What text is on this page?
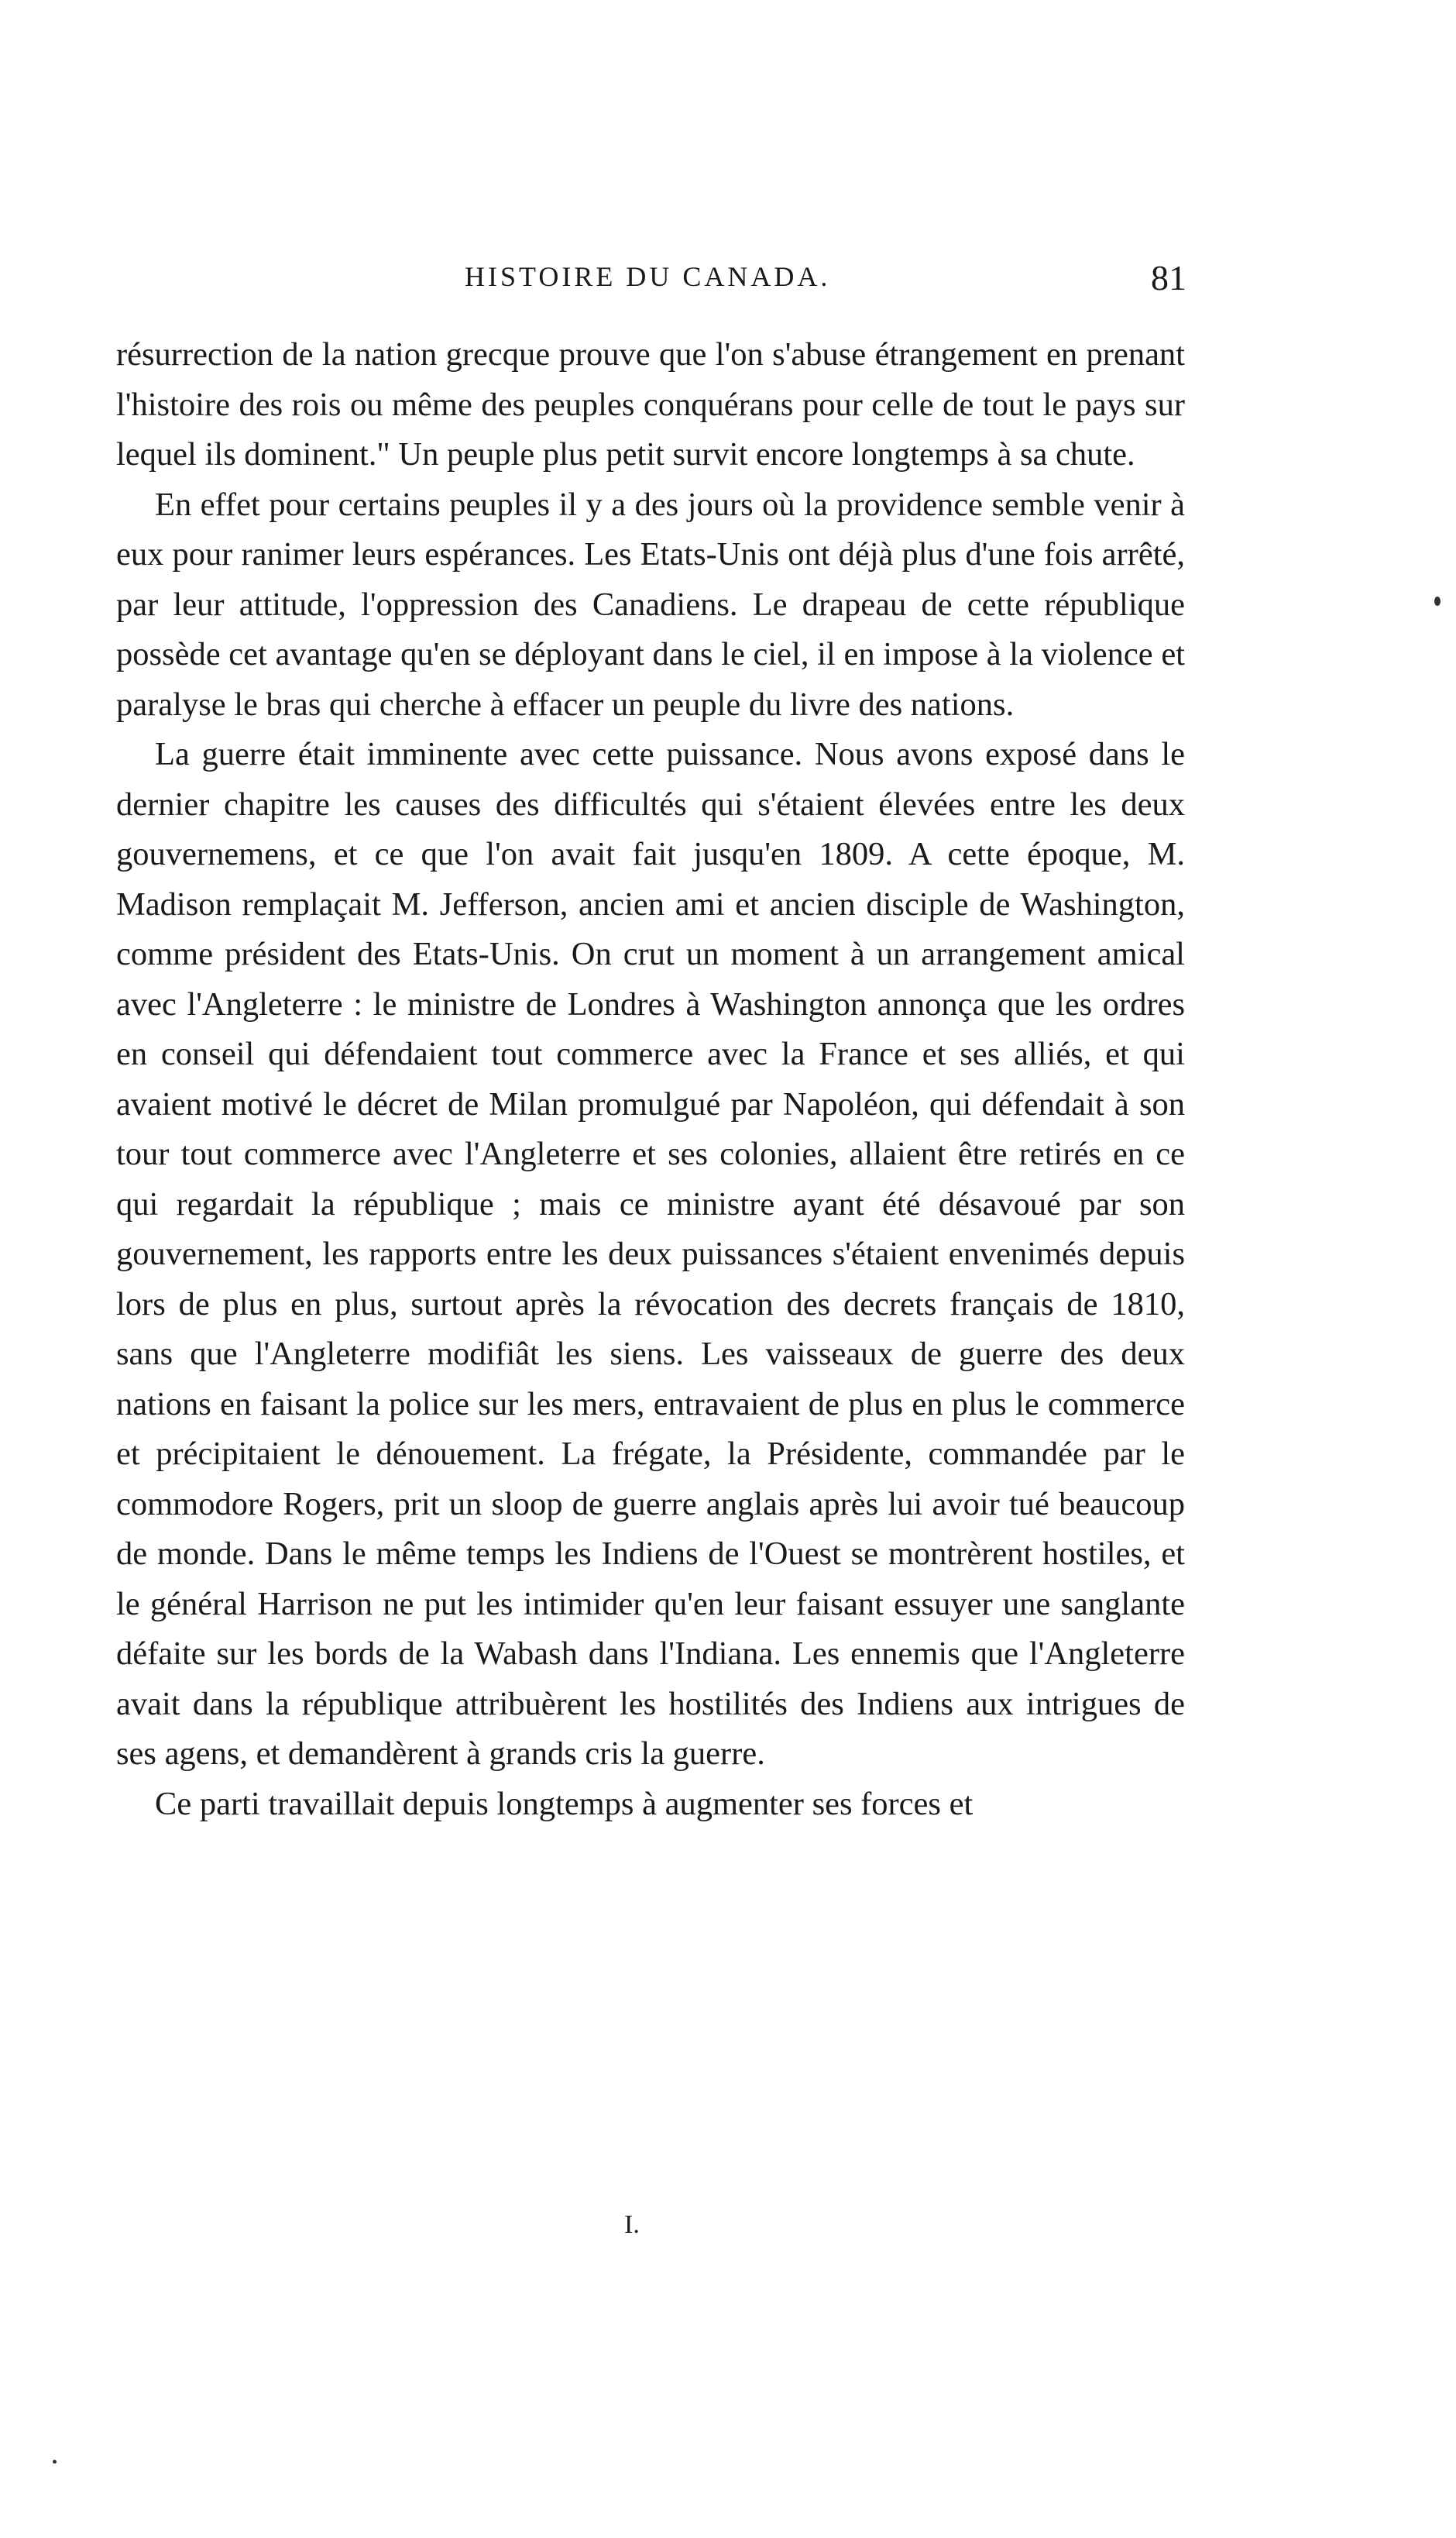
HISTOIRE DU CANADA.	81

résurrection de la nation grecque prouve que l'on s'abuse étrangement en prenant l'histoire des rois ou même des peuples conquérans pour celle de tout le pays sur lequel ils dominent." Un peuple plus petit survit encore longtemps à sa chute.

En effet pour certains peuples il y a des jours où la providence semble venir à eux pour ranimer leurs espérances. Les Etats-Unis ont déjà plus d'une fois arrêté, par leur attitude, l'oppression des Canadiens. Le drapeau de cette république possède cet avantage qu'en se déployant dans le ciel, il en impose à la violence et paralyse le bras qui cherche à effacer un peuple du livre des nations.

La guerre était imminente avec cette puissance. Nous avons exposé dans le dernier chapitre les causes des difficultés qui s'étaient élevées entre les deux gouvernemens, et ce que l'on avait fait jusqu'en 1809. A cette époque, M. Madison remplaçait M. Jefferson, ancien ami et ancien disciple de Washington, comme président des Etats-Unis. On crut un moment à un arrangement amical avec l'Angleterre : le ministre de Londres à Washington annonça que les ordres en conseil qui défendaient tout commerce avec la France et ses alliés, et qui avaient motivé le décret de Milan promulgué par Napoléon, qui défendait à son tour tout commerce avec l'Angleterre et ses colonies, allaient être retirés en ce qui regardait la république ; mais ce ministre ayant été désavoué par son gouvernement, les rapports entre les deux puissances s'étaient envenimés depuis lors de plus en plus, surtout après la révocation des decrets français de 1810, sans que l'Angleterre modifiât les siens. Les vaisseaux de guerre des deux nations en faisant la police sur les mers, entravaient de plus en plus le commerce et précipitaient le dénouement. La frégate, la Présidente, commandée par le commodore Rogers, prit un sloop de guerre anglais après lui avoir tué beaucoup de monde. Dans le même temps les Indiens de l'Ouest se montrèrent hostiles, et le général Harrison ne put les intimider qu'en leur faisant essuyer une sanglante défaite sur les bords de la Wabash dans l'Indiana. Les ennemis que l'Angleterre avait dans la république attribuèrent les hostilités des Indiens aux intrigues de ses agens, et demandèrent à grands cris la guerre.

Ce parti travaillait depuis longtemps à augmenter ses forces et

I.
